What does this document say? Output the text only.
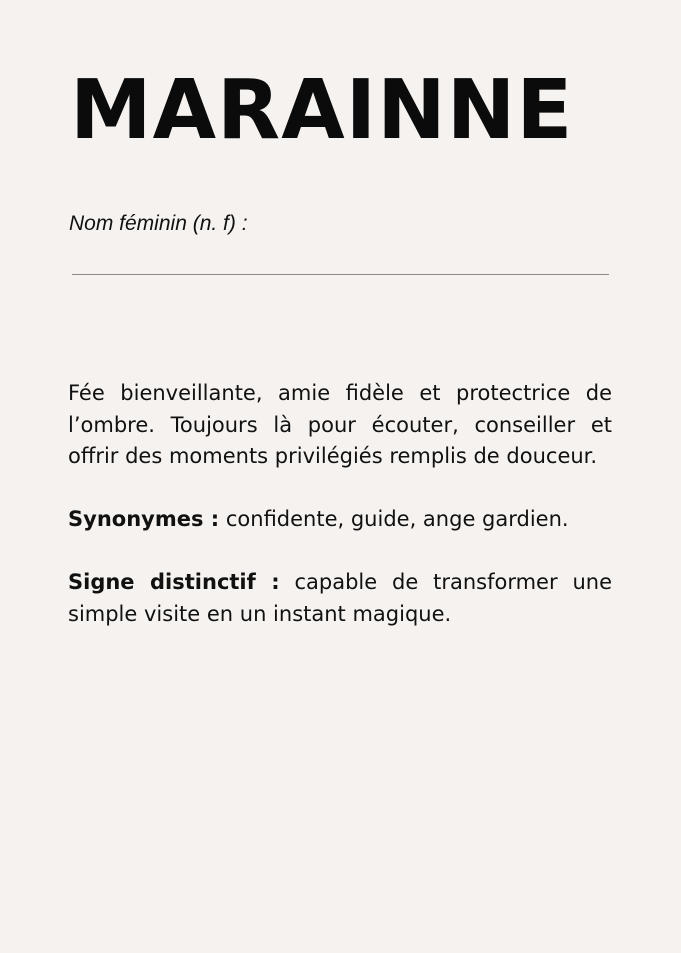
MARAINNE

Nom féminin (n. f) :

Fée bienveillante, amie fidèle et protectrice de l’ombre. Toujours là pour écouter, conseiller et offrir des moments privilégiés remplis de douceur.

Synonymes : confidente, guide, ange gardien.

Signe distinctif : capable de transformer une simple visite en un instant magique.
